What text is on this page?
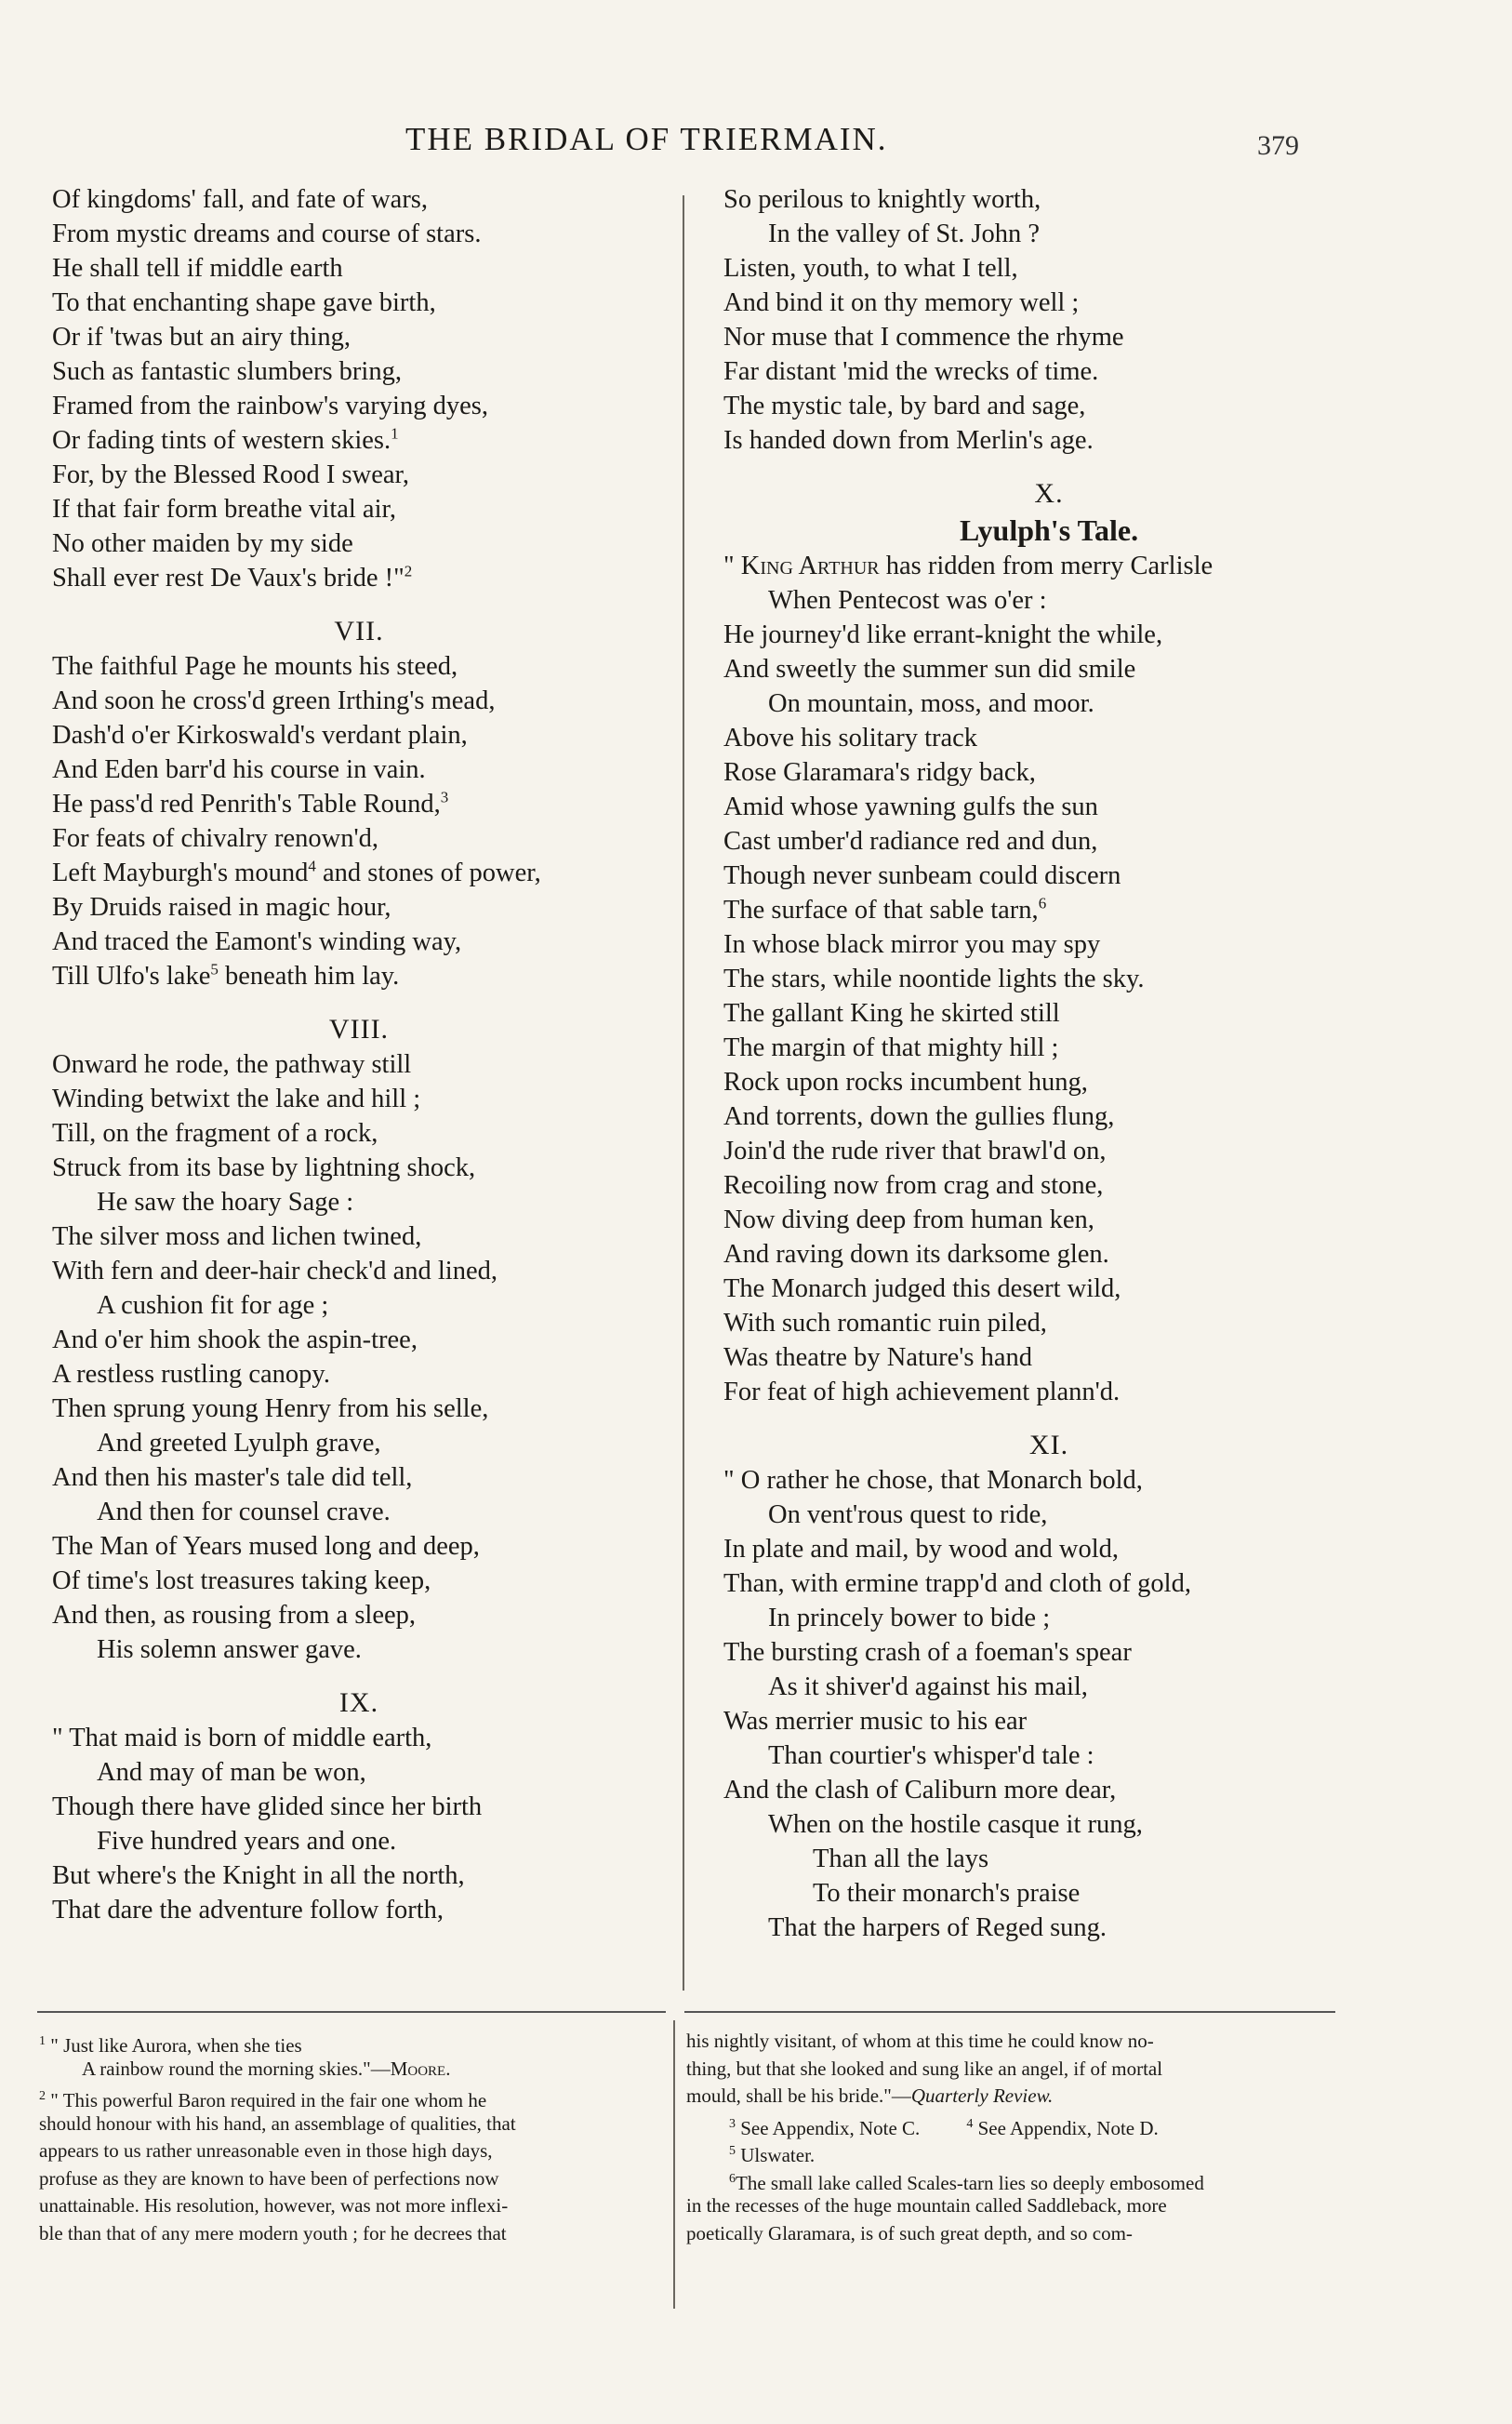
THE BRIDAL OF TRIERMAIN.	379
Of kingdoms' fall, and fate of wars,
From mystic dreams and course of stars.
He shall tell if middle earth
To that enchanting shape gave birth,
Or if 'twas but an airy thing,
Such as fantastic slumbers bring,
Framed from the rainbow's varying dyes,
Or fading tints of western skies.$^1$
For, by the Blessed Rood I swear,
If that fair form breathe vital air,
No other maiden by my side
Shall ever rest De Vaux's bride !"$^2$
VII.
The faithful Page he mounts his steed,
And soon he cross'd green Irthing's mead,
Dash'd o'er Kirkoswald's verdant plain,
And Eden barr'd his course in vain.
He pass'd red Penrith's Table Round,$^3$
For feats of chivalry renown'd,
Left Mayburgh's mound$^4$ and stones of power,
By Druids raised in magic hour,
And traced the Eamont's winding way,
Till Ulfo's lake$^5$ beneath him lay.
VIII.
Onward he rode, the pathway still
Winding betwixt the lake and hill ;
Till, on the fragment of a rock,
Struck from its base by lightning shock,
He saw the hoary Sage :
The silver moss and lichen twined,
With fern and deer-hair check'd and lined,
A cushion fit for age ;
And o'er him shook the aspin-tree,
A restless rustling canopy.
Then sprung young Henry from his selle,
And greeted Lyulph grave,
And then his master's tale did tell,
And then for counsel crave.
The Man of Years mused long and deep,
Of time's lost treasures taking keep,
And then, as rousing from a sleep,
His solemn answer gave.
IX.
" That maid is born of middle earth,
And may of man be won,
Though there have glided since her birth
Five hundred years and one.
But where's the Knight in all the north,
That dare the adventure follow forth,
So perilous to knightly worth,
In the valley of St. John ?
Listen, youth, to what I tell,
And bind it on thy memory well ;
Nor muse that I commence the rhyme
Far distant 'mid the wrecks of time.
The mystic tale, by bard and sage,
Is handed down from Merlin's age.
X.
Lyulph's Tale.
" King Arthur has ridden from merry Carlisle
When Pentecost was o'er :
He journey'd like errant-knight the while,
And sweetly the summer sun did smile
On mountain, moss, and moor.
Above his solitary track
Rose Glaramara's ridgy back,
Amid whose yawning gulfs the sun
Cast umber'd radiance red and dun,
Though never sunbeam could discern
The surface of that sable tarn,$^6$
In whose black mirror you may spy
The stars, while noontide lights the sky.
The gallant King he skirted still
The margin of that mighty hill ;
Rock upon rocks incumbent hung,
And torrents, down the gullies flung,
Join'd the rude river that brawl'd on,
Recoiling now from crag and stone,
Now diving deep from human ken,
And raving down its darksome glen.
The Monarch judged this desert wild,
With such romantic ruin piled,
Was theatre by Nature's hand
For feat of high achievement plann'd.
XI.
" O rather he chose, that Monarch bold,
On vent'rous quest to ride,
In plate and mail, by wood and wold,
Than, with ermine trapp'd and cloth of gold,
In princely bower to bide ;
The bursting crash of a foeman's spear
As it shiver'd against his mail,
Was merrier music to his ear
Than courtier's whisper'd tale :
And the clash of Caliburn more dear,
When on the hostile casque it rung,
Than all the lays
To their monarch's praise
That the harpers of Reged sung.
$^1$ " Just like Aurora, when she ties
A rainbow round the morning skies."—Moore.
$^2$ " This powerful Baron required in the fair one whom he
should honour with his hand, an assemblage of qualities, that
appears to us rather unreasonable even in those high days,
profuse as they are known to have been of perfections now
unattainable. His resolution, however, was not more inflexi-
ble than that of any mere modern youth ; for he decrees that
his nightly visitant, of whom at this time he could know no-
thing, but that she looked and sung like an angel, if of mortal
mould, shall be his bride."—Quarterly Review.
$^3$ See Appendix, Note C.	$^4$ See Appendix, Note D.
$^5$ Ulswater.
$^6$The small lake called Scales-tarn lies so deeply embosomed
in the recesses of the huge mountain called Saddleback, more
poetically Glaramara, is of such great depth, and so com-
